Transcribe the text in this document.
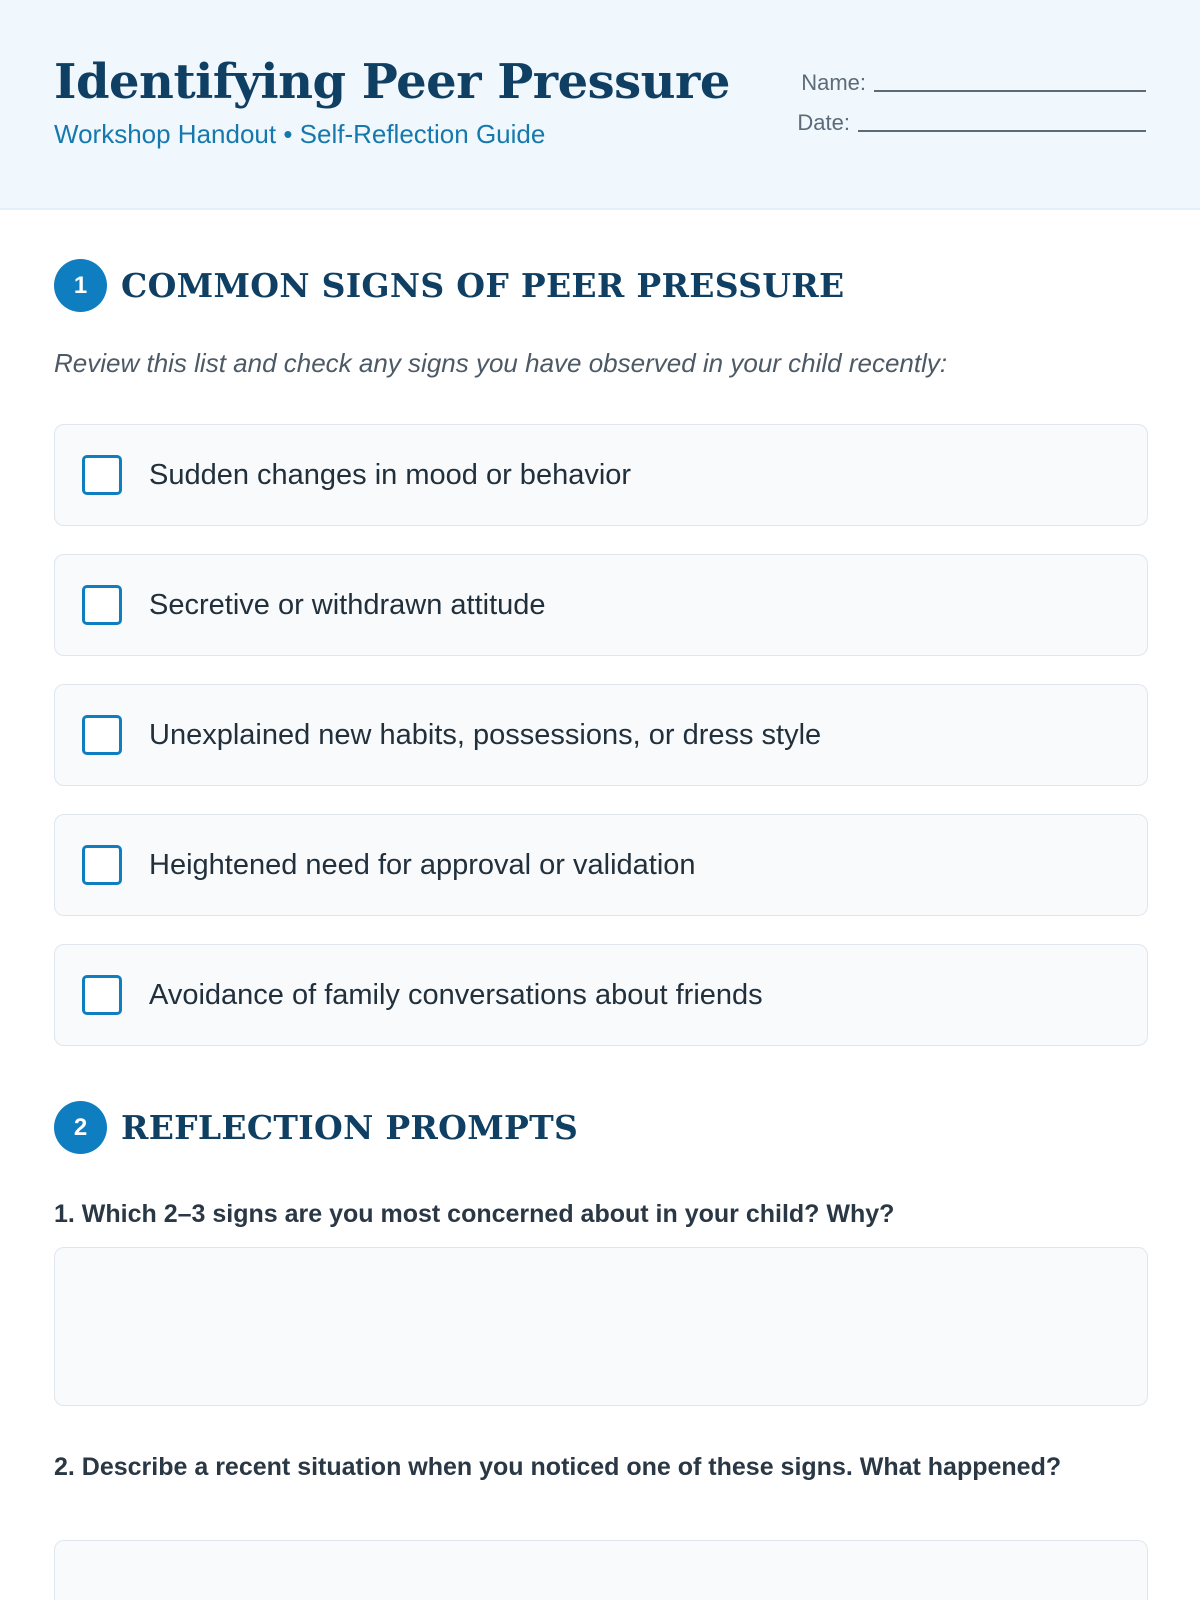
Identifying Peer Pressure
Workshop Handout • Self-Reflection Guide
Name:
Date:
1	COMMON SIGNS OF PEER PRESSURE
Review this list and check any signs you have observed in your child recently:
Sudden changes in mood or behavior
Secretive or withdrawn attitude
Unexplained new habits, possessions, or dress style
Heightened need for approval or validation
Avoidance of family conversations about friends
2	REFLECTION PROMPTS
1. Which 2–3 signs are you most concerned about in your child? Why?
2. Describe a recent situation when you noticed one of these signs. What happened?
